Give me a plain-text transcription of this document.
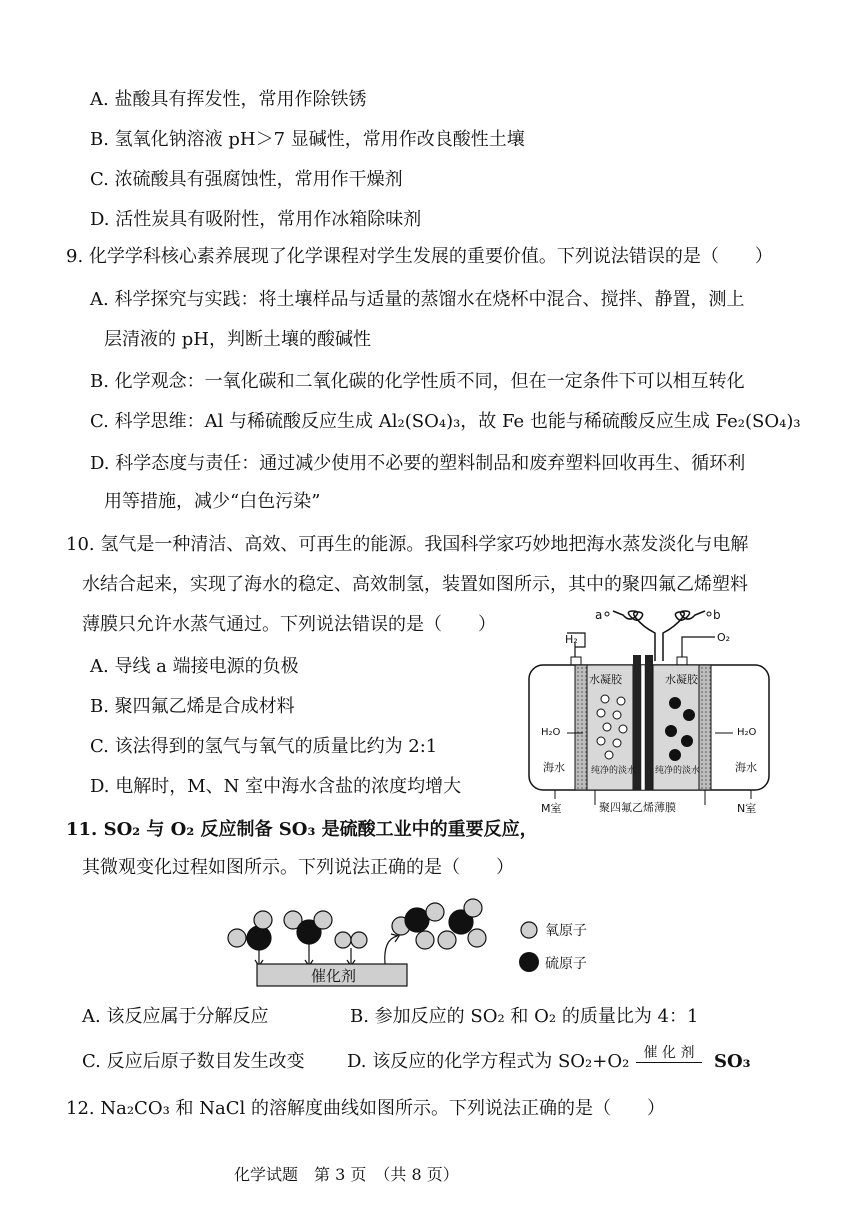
A. 盐酸具有挥发性，常用作除铁锈
B. 氢氧化钠溶液 pH＞7 显碱性，常用作改良酸性土壤
C. 浓硫酸具有强腐蚀性，常用作干燥剂
D. 活性炭具有吸附性，常用作冰箱除味剂
9. 化学学科核心素养展现了化学课程对学生发展的重要价值。下列说法错误的是（　　）
A. 科学探究与实践：将土壤样品与适量的蒸馏水在烧杯中混合、搅拌、静置，测上
层清液的 pH，判断土壤的酸碱性
B. 化学观念：一氧化碳和二氧化碳的化学性质不同，但在一定条件下可以相互转化
C. 科学思维：Al 与稀硫酸反应生成 Al₂(SO₄)₃，故 Fe 也能与稀硫酸反应生成 Fe₂(SO₄)₃
D. 科学态度与责任：通过减少使用不必要的塑料制品和废弃塑料回收再生、循环利
用等措施，减少“白色污染”
10. 氢气是一种清洁、高效、可再生的能源。我国科学家巧妙地把海水蒸发淡化与电解
水结合起来，实现了海水的稳定、高效制氢，装置如图所示，其中的聚四氟乙烯塑料
薄膜只允许水蒸气通过。下列说法错误的是（　　）
A. 导线 a 端接电源的负极
B. 聚四氟乙烯是合成材料
C. 该法得到的氢气与氧气的质量比约为 2:1
D. 电解时，M、N 室中海水含盐的浓度均增大
a	b
H₂	O₂
水凝胶	水凝胶
H₂O	H₂O
海水	海水
纯净的淡水 纯净的淡水
M室	N室
聚四氟乙烯薄膜
11. SO₂ 与 O₂ 反应制备 SO₃ 是硫酸工业中的重要反应，
其微观变化过程如图所示。下列说法正确的是（　　）
催化剂
氧原子
硫原子
A. 该反应属于分解反应	B. 参加反应的 SO₂ 和 O₂ 的质量比为 4：1
C. 反应后原子数目发生改变 D. 该反应的化学方程式为 SO₂+O₂	催 化 剂	SO₃
12. Na₂CO₃ 和 NaCl 的溶解度曲线如图所示。下列说法正确的是（　　）
化学试题　第 3 页　（共 8 页）
